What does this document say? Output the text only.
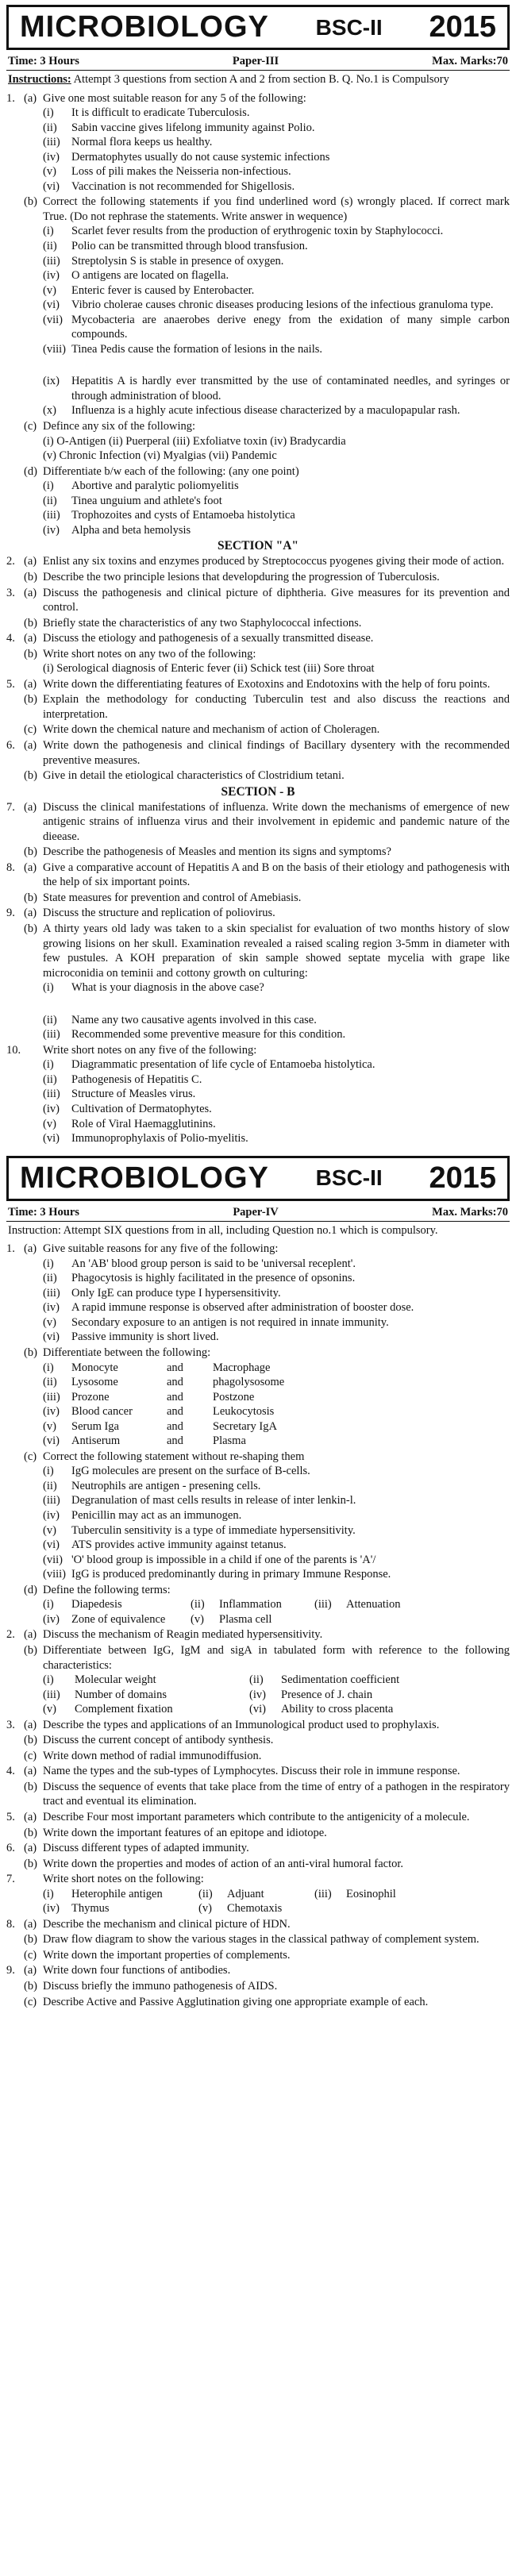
MICROBIOLOGY BSC-II 2015
Time: 3 Hours	Paper-III	Max. Marks:70
Instructions: Attempt 3 questions from section A and 2 from section B. Q. No.1 is Compulsory
1. (a) Give one most suitable reason for any 5 of the following:
(i)	It is difficult to eradicate Tuberculosis.
(ii)	Sabin vaccine gives lifelong immunity against Polio.
(iii) Normal flora keeps us healthy.
(iv)	Dermatophytes usually do not cause systemic infections
(v)	Loss of pili makes the Neisseria non-infectious.
(vi)	Vaccination is not recommended for Shigellosis.
(b) Correct the following statements if you find underlined word (s) wrongly placed. If correct mark True. (Do not rephrase the statements. Write answer in wequence)
(i)	Scarlet fever results from the production of erythrogenic toxin by Staphylococci.
(ii)	Polio can be transmitted through blood transfusion.
(iii) Streptolysin S is stable in presence of oxygen.
(iv)	O antigens are located on flagella.
(v)	Enteric fever is caused by Enterobacter.
(vi)	Vibrio cholerae causes chronic diseases producing lesions of the infectious granuloma type.
(vii) Mycobacteria are anaerobes derive enegy from the exidation of many simple carbon compounds.
(viii) Tinea Pedis cause the formation of lesions in the nails.
(ix)	Hepatitis A is hardly ever transmitted by the use of contaminated needles, and syringes or through administration of blood.
(x)	Influenza is a highly acute infectious disease characterized by a maculopapular rash.
(c) Defince any six of the following:
(i) O-Antigen (ii) Puerperal (iii) Exfoliatve toxin (iv) Bradycardia
(v) Chronic Infection (vi) Myalgias (vii) Pandemic
(d) Differentiate b/w each of the following: (any one point)
(i)	Abortive and paralytic poliomyelitis
(ii)	Tinea unguium and athlete's foot
(iii) Trophozoites and cysts of Entamoeba histolytica
(iv)	Alpha and beta hemolysis
SECTION "A"
2. (a) Enlist any six toxins and enzymes produced by Streptococcus pyogenes giving their mode of action.
(b) Describe the two principle lesions that developduring the progression of Tuberculosis.
3. (a) Discuss the pathogenesis and clinical picture of diphtheria. Give measures for its prevention and control.
(b) Briefly state the characteristics of any two Staphylococcal infections.
4. (a) Discuss the etiology and pathogenesis of a sexually transmitted disease.
(b) Write short notes on any two of the following:
(i) Serological diagnosis of Enteric fever (ii) Schick test (iii) Sore throat
5. (a) Write down the differentiating features of Exotoxins and Endotoxins with the help of foru points.
(b) Explain the methodology for conducting Tuberculin test and also discuss the reactions and interpretation.
(c) Write down the chemical nature and mechanism of action of Choleragen.
6. (a) Write down the pathogenesis and clinical findings of Bacillary dysentery with the recommended preventive measures.
(b) Give in detail the etiological characteristics of Clostridium tetani.
SECTION - B
7. (a) Discuss the clinical manifestations of influenza. Write down the mechanisms of emergence of new antigenic strains of influenza virus and their involvement in epidemic and pandemic nature of the dieease.
(b) Describe the pathogenesis of Measles and mention its signs and symptoms?
8. (a) Give a comparative account of Hepatitis A and B on the basis of their etiology and pathogenesis with the help of six important points.
(b) State measures for prevention and control of Amebiasis.
9. (a) Discuss the structure and replication of poliovirus.
(b) A thirty years old lady was taken to a skin specialist for evaluation of two months history of slow growing lisions on her skull. Examination revealed a raised scaling region 3-5mm in diameter with few pustules. A KOH preparation of skin sample showed septate mycelia with grape like microconidia on teminii and cottony growth on culturing:
(i)	What is your diagnosis in the above case?
(ii)	Name any two causative agents involved in this case.
(iii) Recommended some preventive measure for this condition.
10. Write short notes on any five of the following:
(i)	Diagrammatic presentation of life cycle of Entamoeba histolytica.
(ii)	Pathogenesis of Hepatitis C.
(iii) Structure of Measles virus.
(iv)	Cultivation of Dermatophytes.
(v)	Role of Viral Haemagglutinins.
(vi)	Immunoprophylaxis of Polio-myelitis.
MICROBIOLOGY BSC-II 2015
Time: 3 Hours	Paper-IV	Max. Marks:70
Instruction: Attempt SIX questions from in all, including Question no.1 which is compulsory.
1. (a) Give suitable reasons for any five of the following:
(i)	An 'AB' blood group person is said to be 'universal receplent'.
(ii)	Phagocytosis is highly facilitated in the presence of opsonins.
(iii) Only IgE can produce type I hypersensitivity.
(iv)	A rapid immune response is observed after administration of booster dose.
(v)	Secondary exposure to an antigen is not required in innate immunity.
(vi)	Passive immunity is short lived.
(b) Differentiate between the following:
(i)	Monocyte	and	Macrophage
(ii)	Lysosome	and	phagolysosome
(iii) Prozone	and	Postzone
(iv)	Blood cancer	and	Leukocytosis
(v)	Serum Iga	and	Secretary IgA
(vi)	Antiserum	and	Plasma
(c) Correct the following statement without re-shaping them
(i)	IgG molecules are present on the surface of B-cells.
(ii)	Neutrophils are antigen - presening cells.
(iii) Degranulation of mast cells results in release of inter lenkin-l.
(iv)	Penicillin may act as an immunogen.
(v)	Tuberculin sensitivity is a type of immediate hypersensitivity.
(vi)	ATS provides active immunity against tetanus.
(vii) 'O' blood group is impossible in a child if one of the parents is 'A'/
(viii) IgG is produced predominantly during in primary Immune Response.
(d) Define the following terms:
(i)	Diapedesis	(ii)	Inflammation	(iii)	Attenuation
(iv)	Zone of equivalence	(v)	Plasma cell
2. (a) Discuss the mechanism of Reagin mediated hypersensitivity.
(b) Differentiate between IgG, IgM and sigA in tabulated form with reference to the following characteristics:
(i)	Molecular weight	(ii)	Sedimentation coefficient
(iii)	Number of domains	(iv)	Presence of J. chain
(v)	Complement fixation	(vi)	Ability to cross placenta
3. (a) Describe the types and applications of an Immunological product used to prophylaxis.
(b) Discuss the current concept of antibody synthesis.
(c) Write down method of radial immunodiffusion.
4. (a) Name the types and the sub-types of Lymphocytes. Discuss their role in immune response.
(b) Discuss the sequence of events that take place from the time of entry of a pathogen in the respiratory tract and eventual its elimination.
5. (a) Describe Four most important parameters which contribute to the antigenicity of a molecule.
(b) Write down the important features of an epitope and idiotope.
6. (a) Discuss different types of adapted immunity.
(b) Write down the properties and modes of action of an anti-viral humoral factor.
7.	Write short notes on the following:
(i)	Heterophile antigen	(ii)	Adjuant	(iii)	Eosinophil
(iv)	Thymus	(v)	Chemotaxis
8. (a) Describe the mechanism and clinical picture of HDN.
(b) Draw flow diagram to show the various stages in the classical pathway of complement system.
(c) Write down the important properties of complements.
9. (a) Write down four functions of antibodies.
(b) Discuss briefly the immuno pathogenesis of AIDS.
(c) Describe Active and Passive Agglutination giving one appropriate example of each.
